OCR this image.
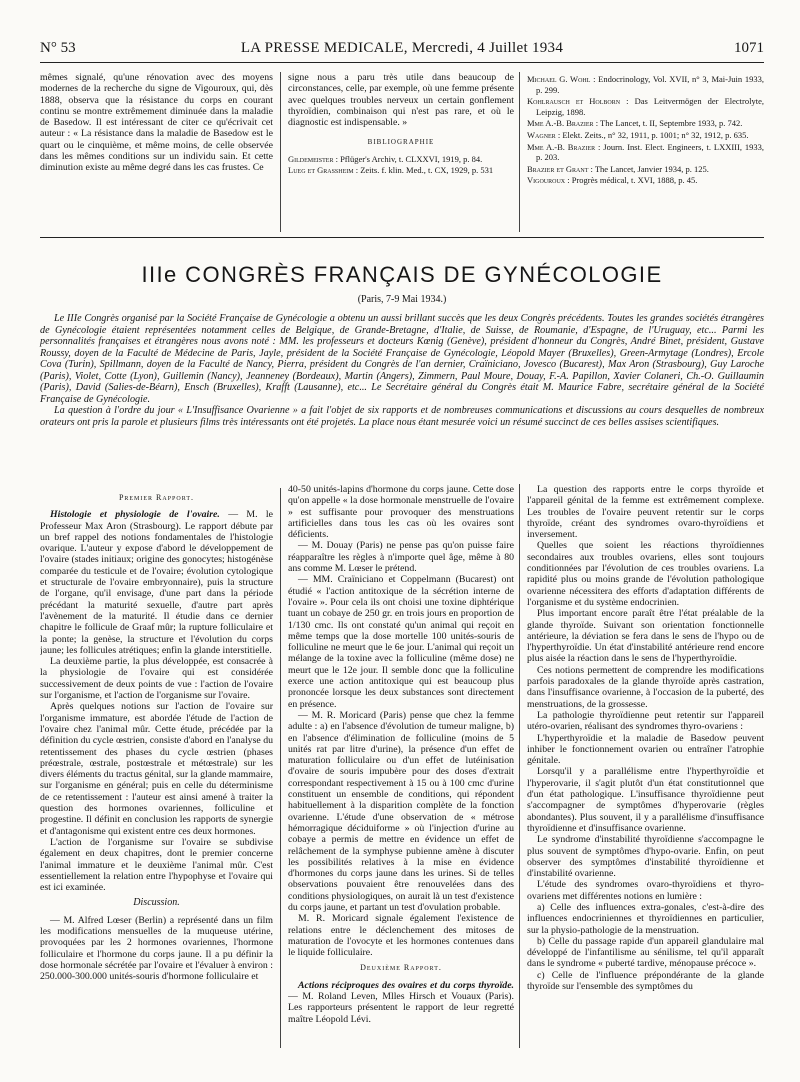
N° 53	LA PRESSE MEDICALE, Mercredi, 4 Juillet 1934	1071

mêmes signalé, qu'une rénovation avec des moyens modernes de la recherche du signe de Vigouroux, qui, dès 1888, observa que la résistance du corps en courant continu se montre extrêmement diminuée dans la maladie de Basedow. Il est intéressant de citer ce qu'écrivait cet auteur : « La résistance dans la maladie de Basedow est le quart ou le cinquième, et même moins, de celle observée dans les mêmes conditions sur un individu sain. Et cette diminution existe au même degré dans les cas frustes. Ce

signe nous a paru très utile dans beaucoup de circonstances, celle, par exemple, où une femme présente avec quelques troubles nerveux un certain gonflement thyroïdien, combinaison qui n'est pas rare, et où le diagnostic est indispensable. »

BIBLIOGRAPHIE

Gildemeister : Pflüger's Archiv, t. CLXXVI, 1919, p. 84.

Lueg et Grassheim : Zeits. f. klin. Med., t. CX, 1929, p. 531

Michael G. Wohl : Endocrinology, Vol. XVII, n° 3, Mai-Juin 1933, p. 299.

Kohlrausch et Holborn : Das Leitvermögen der Electrolyte, Leipzig, 1898.

Mme A.-B. Brazier : The Lancet, t. II, Septembre 1933, p. 742.

Wagner : Elekt. Zeits., n° 32, 1911, p. 1001; n° 32, 1912, p. 635.

Mme A.-B. Brazier : Journ. Inst. Elect. Engineers, t. LXXIII, 1933, p. 203.

Brazier et Grant : The Lancet, Janvier 1934, p. 125.

Vigouroux : Progrès médical, t. XVI, 1888, p. 45.

IIIe CONGRÈS FRANÇAIS DE GYNÉCOLOGIE
(Paris, 7-9 Mai 1934.)

Le IIIe Congrès organisé par la Société Française de Gynécologie a obtenu un aussi brillant succès que les deux Congrès précédents. Toutes les grandes sociétés étrangères de Gynécologie étaient représentées notamment celles de Belgique, de Grande-Bretagne, d'Italie, de Suisse, de Roumanie, d'Espagne, de l'Uruguay, etc... Parmi les personnalités françaises et étrangères nous avons noté : MM. les professeurs et docteurs Kœnig (Genève), président d'honneur du Congrès, André Binet, président, Gustave Roussy, doyen de la Faculté de Médecine de Paris, Jayle, président de la Société Française de Gynécologie, Léopold Mayer (Bruxelles), Green-Armytage (Londres), Ercole Cova (Turin), Spillmann, doyen de la Faculté de Nancy, Pierra, président du Congrès de l'an dernier, Craïniciano, Jovesco (Bucarest), Max Aron (Strasbourg), Guy Laroche (Paris), Violet, Cotte (Lyon), Guillemin (Nancy), Jeanneney (Bordeaux), Martin (Angers), Zimmern, Paul Moure, Douay, F.-A. Papillon, Xavier Colaneri, Ch.-O. Guillaumin (Paris), David (Salies-de-Béarn), Ensch (Bruxelles), Krafft (Lausanne), etc... Le Secrétaire général du Congrès était M. Maurice Fabre, secrétaire général de la Société Française de Gynécologie.

La question à l'ordre du jour « L'Insuffisance Ovarienne » a fait l'objet de six rapports et de nombreuses communications et discussions au cours desquelles de nombreux orateurs ont pris la parole et plusieurs films très intéressants ont été projetés. La place nous étant mesurée voici un résumé succinct de ces belles assises scientifiques.

Premier Rapport.

Histologie et physiologie de l'ovaire. — M. le Professeur Max Aron (Strasbourg). Le rapport débute par un bref rappel des notions fondamentales de l'histologie ovarique. L'auteur y expose d'abord le développement de l'ovaire (stades initiaux; origine des gonocytes; histogénèse comparée du testicule et de l'ovaire; évolution cytologique et structurale de l'ovaire embryonnaire), puis la structure de l'organe, qu'il envisage, d'une part dans la période précédant la maturité sexuelle, d'autre part après l'avènement de la maturité. Il étudie dans ce dernier chapitre le follicule de Graaf mûr; la rupture folliculaire et la ponte; la genèse, la structure et l'évolution du corps jaune; les follicules atrétiques; enfin la glande interstitielle.

La deuxième partie, la plus développée, est consacrée à la physiologie de l'ovaire qui est considérée successivement de deux points de vue : l'action de l'ovaire sur l'organisme, et l'action de l'organisme sur l'ovaire.

Après quelques notions sur l'action de l'ovaire sur l'organisme immature, est abordée l'étude de l'action de l'ovaire chez l'animal mûr. Cette étude, précédée par la définition du cycle œstrien, consiste d'abord en l'analyse du retentissement des phases du cycle œstrien (phases préœstrale, œstrale, postœstrale et métœstrale) sur les divers éléments du tractus génital, sur la glande mammaire, sur l'organisme en général; puis en celle du déterminisme de ce retentissement : l'auteur est ainsi amené à traiter la question des hormones ovariennes, folliculine et progestine. Il définit en conclusion les rapports de synergie et d'antagonisme qui existent entre ces deux hormones.

L'action de l'organisme sur l'ovaire se subdivise également en deux chapitres, dont le premier concerne l'animal immature et le deuxième l'animal mûr. C'est essentiellement la relation entre l'hypophyse et l'ovaire qui est ici examinée.

Discussion.

— M. Alfred Lœser (Berlin) a représenté dans un film les modifications mensuelles de la muqueuse utérine, provoquées par les 2 hormones ovariennes, l'hormone folliculaire et l'hormone du corps jaune. Il a pu définir la dose hormonale sécrétée par l'ovaire et l'évaluer à environ : 250.000-300.000 unités-souris d'hormone folliculaire et

40-50 unités-lapins d'hormone du corps jaune. Cette dose qu'on appelle « la dose hormonale menstruelle de l'ovaire » est suffisante pour provoquer des menstruations artificielles dans tous les cas où les ovaires sont déficients.

— M. Douay (Paris) ne pense pas qu'on puisse faire réapparaître les règles à n'importe quel âge, même à 80 ans comme M. Lœser le prétend.

— MM. Craïniciano et Coppelmann (Bucarest) ont étudié « l'action antitoxique de la sécrétion interne de l'ovaire ». Pour cela ils ont choisi une toxine diphtérique tuant un cobaye de 250 gr. en trois jours en proportion de 1/130 cmc. Ils ont constaté qu'un animal qui reçoit en même temps que la dose mortelle 100 unités-souris de folliculine ne meurt que le 6e jour. L'animal qui reçoit un mélange de la toxine avec la folliculine (même dose) ne meurt que le 12e jour. Il semble donc que la folliculine exerce une action antitoxique qui est beaucoup plus prononcée lorsque les deux substances sont directement en présence.

— M. R. Moricard (Paris) pense que chez la femme adulte : a) en l'absence d'évolution de tumeur maligne, b) en l'absence d'élimination de folliculine (moins de 5 unités rat par litre d'urine), la présence d'un effet de maturation folliculaire ou d'un effet de lutéinisation d'ovaire de souris impubère pour des doses d'extrait correspondant respectivement à 15 ou à 100 cmc d'urine constituent un ensemble de conditions, qui répondent habituellement à la disparition complète de la fonction ovarienne. L'étude d'une observation de « métrose hémorragique déciduiforme » où l'injection d'urine au cobaye a permis de mettre en évidence un effet de relâchement de la symphyse pubienne amène à discuter les possibilités relatives à la mise en évidence d'hormones du corps jaune dans les urines. Si de telles observations pouvaient être renouvelées dans des conditions physiologiques, on aurait là un test d'existence du corps jaune, et partant un test d'ovulation probable.

M. R. Moricard signale également l'existence de relations entre le déclenchement des mitoses de maturation de l'ovocyte et les hormones contenues dans le liquide folliculaire.

Deuxième Rapport.

Actions réciproques des ovaires et du corps thyroïde. — M. Roland Leven, Mlles Hirsch et Vouaux (Paris). Les rapporteurs présentent le rapport de leur regretté maître Léopold Lévi.

La question des rapports entre le corps thyroïde et l'appareil génital de la femme est extrêmement complexe. Les troubles de l'ovaire peuvent retentir sur le corps thyroïde, créant des syndromes ovaro-thyroïdiens et inversement.

Quelles que soient les réactions thyroïdiennes secondaires aux troubles ovariens, elles sont toujours conditionnées par l'évolution de ces troubles ovariens. La rapidité plus ou moins grande de l'évolution pathologique ovarienne nécessitera des efforts d'adaptation différents de l'organisme et du système endocrinien.

Plus important encore paraît être l'état préalable de la glande thyroïde. Suivant son orientation fonctionnelle antérieure, la déviation se fera dans le sens de l'hypo ou de l'hyperthyroïdie. Un état d'instabilité antérieure rend encore plus aisée la réaction dans le sens de l'hyperthyroïdie.

Ces notions permettent de comprendre les modifications parfois paradoxales de la glande thyroïde après castration, dans l'insuffisance ovarienne, à l'occasion de la puberté, des menstruations, de la grossesse.

La pathologie thyroïdienne peut retentir sur l'appareil utéro-ovarien, réalisant des syndromes thyro-ovariens :

L'hyperthyroïdie et la maladie de Basedow peuvent inhiber le fonctionnement ovarien ou entraîner l'atrophie génitale.

Lorsqu'il y a parallélisme entre l'hyperthyroïdie et l'hyperovarie, il s'agit plutôt d'un état constitutionnel que d'un état pathologique. L'insuffisance thyroïdienne peut s'accompagner de symptômes d'hyperovarie (règles abondantes). Plus souvent, il y a parallélisme d'insuffisance thyroïdienne et d'insuffisance ovarienne.

Le syndrome d'instabilité thyroïdienne s'accompagne le plus souvent de symptômes d'hypo-ovarie. Enfin, on peut observer des symptômes d'instabilité thyroïdienne et d'instabilité ovarienne.

L'étude des syndromes ovaro-thyroïdiens et thyro-ovariens met différentes notions en lumière :

a) Celle des influences extra-gonales, c'est-à-dire des influences endocriniennes et thyroïdiennes en particulier, sur la physio-pathologie de la menstruation.

b) Celle du passage rapide d'un appareil glandulaire mal développé de l'infantilisme au sénilisme, tel qu'il apparaît dans le syndrome « puberté tardive, ménopause précoce ».

c) Celle de l'influence prépondérante de la glande thyroïde sur l'ensemble des symptômes du
